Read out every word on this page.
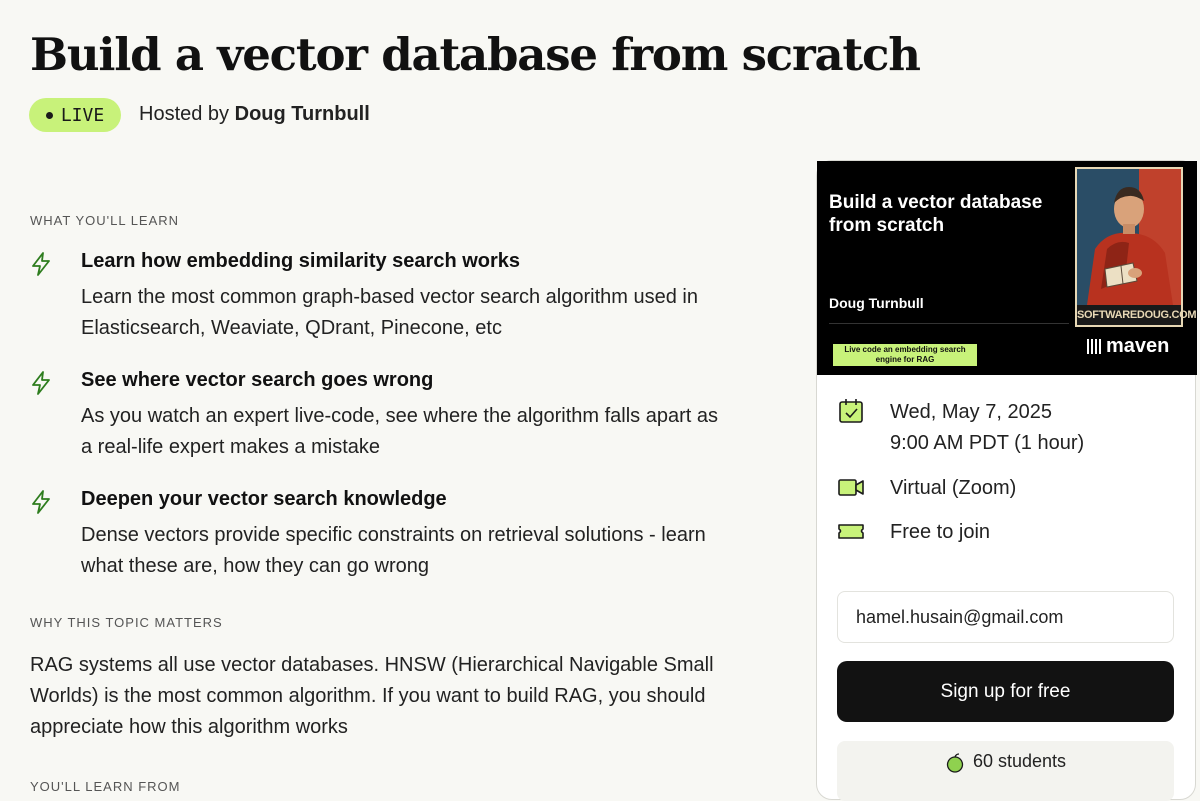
Build a vector database from scratch
LIVE Hosted by Doug Turnbull
WHAT YOU'LL LEARN
Learn how embedding similarity search works
Learn the most common graph-based vector search algorithm used in Elasticsearch, Weaviate, QDrant, Pinecone, etc
See where vector search goes wrong
As you watch an expert live-code, see where the algorithm falls apart as a real-life expert makes a mistake
Deepen your vector search knowledge
Dense vectors provide specific constraints on retrieval solutions - learn what these are, how they can go wrong
WHY THIS TOPIC MATTERS
RAG systems all use vector databases. HNSW (Hierarchical Navigable Small Worlds) is the most common algorithm. If you want to build RAG, you should appreciate how this algorithm works
YOU'LL LEARN FROM
Build a vector database from scratch
Doug Turnbull
Live code an embedding search engine for RAG
SOFTWAREDOUG.COM
maven
Wed, May 7, 2025
9:00 AM PDT (1 hour)
Virtual (Zoom)
Free to join
hamel.husain@gmail.com
Sign up for free
60 students
